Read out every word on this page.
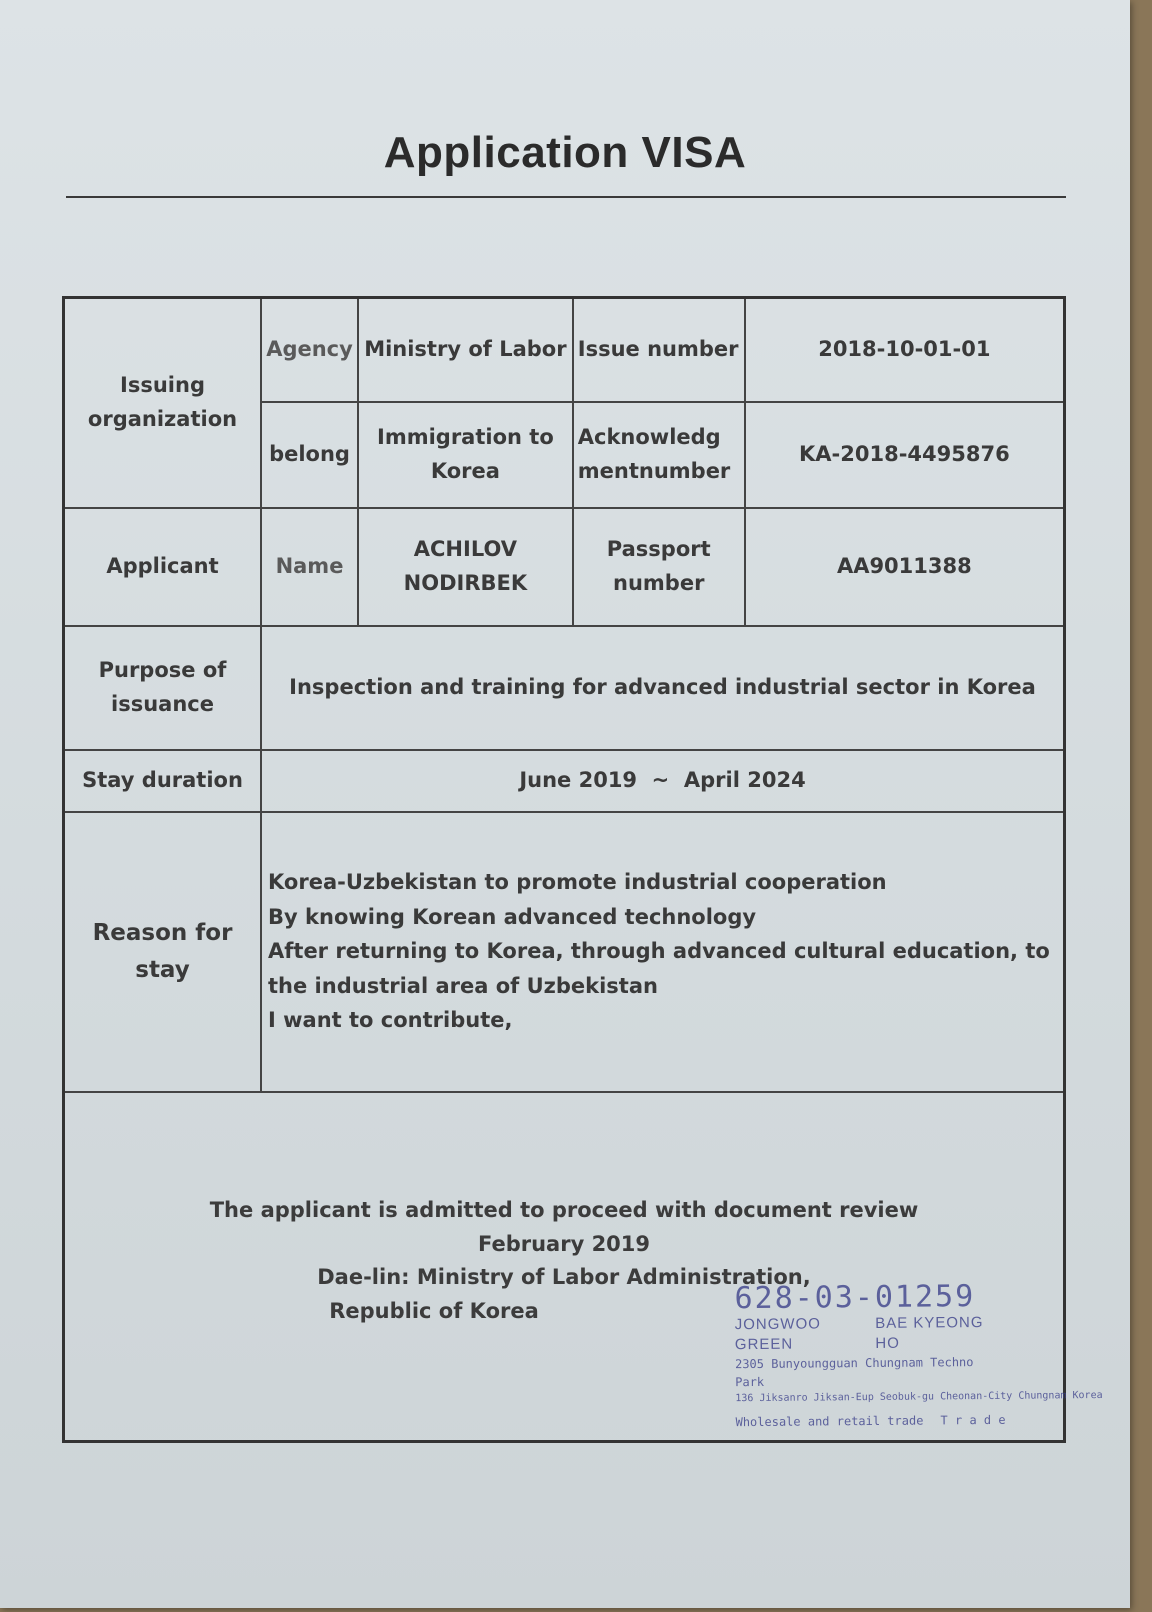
Application VISA
Issuing organization	Agency	Ministry of Labor	Issue number	2018-10-01-01
	belong	Immigration to Korea	Acknowledgmentnumber	KA-2018-4495876
Applicant	Name	ACHILOV NODIRBEK	Passport number	AA9011388
Purpose of issuance	Inspection and training for advanced industrial sector in Korea			
Stay duration	June 2019  ~  April 2024			
Reason for stay	Korea-Uzbekistan to promote industrial cooperation
By knowing Korean advanced technology
After returning to Korea, through advanced cultural education, to the industrial area of Uzbekistan
I want to contribute,			

The applicant is admitted to proceed with document review
February 2019
Dae-lin: Ministry of Labor Administration,
Republic of Korea					628-03-01259
JONGWOO GREEN
BAE KYEONG HO
2305 Bunyoungguan Chungnam Techno Park
136 Jiksanro Jiksan-Eup Seobuk-gu Cheonan-City Chungnam Korea
Wholesale and retail trade T r a d e
